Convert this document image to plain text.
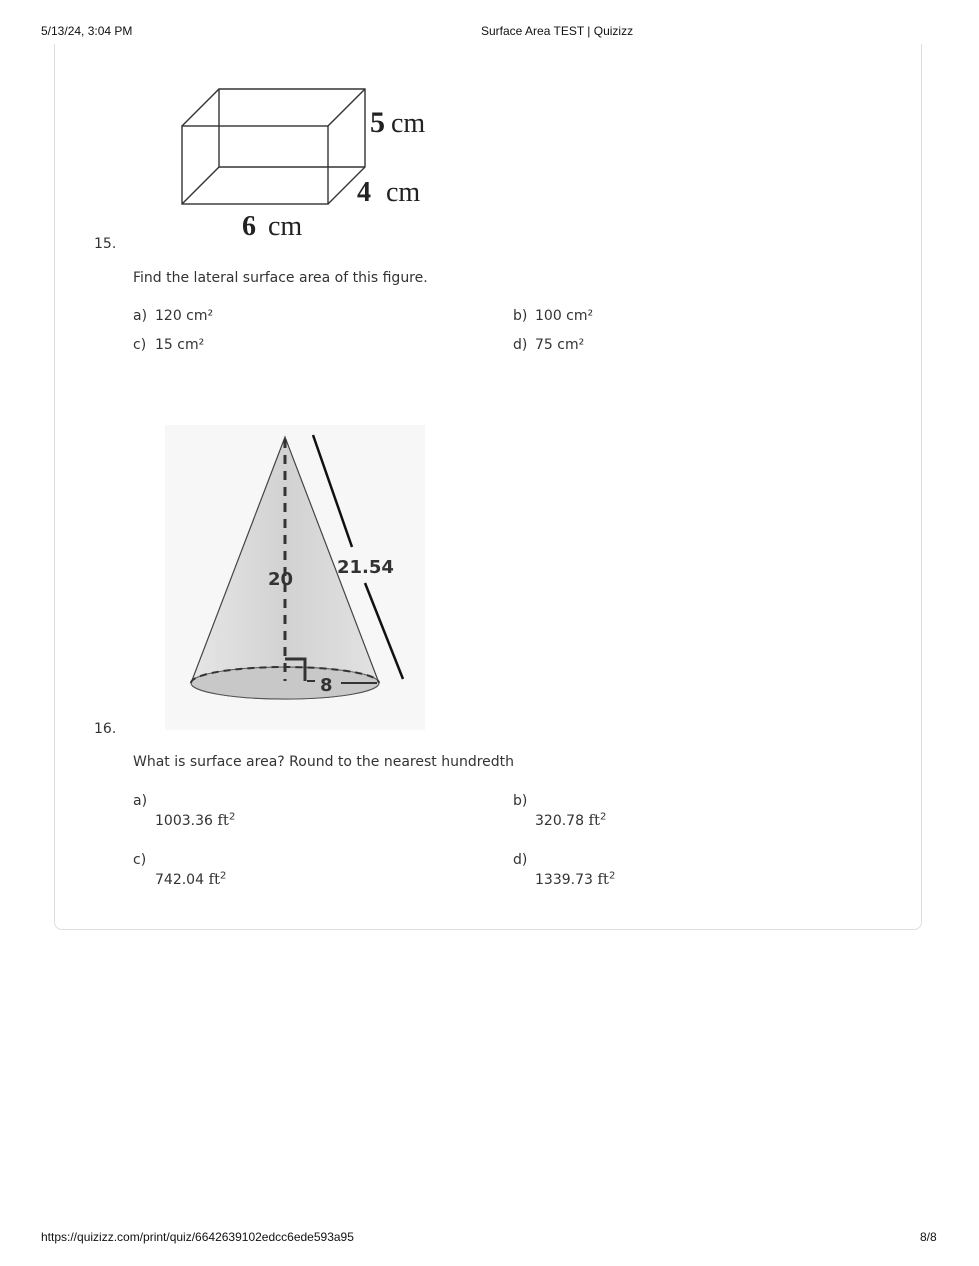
5/13/24, 3:04 PM	Surface Area TEST | Quizizz
5 cm
4 cm
6 cm
15.
Find the lateral surface area of this figure.
a) 120 cm²	b) 100 cm²
c) 15 cm²	d) 75 cm²
20
21.54
8
16.
What is surface area? Round to the nearest hundredth
a)
1003.36 $ft^2$
b)
320.78 $ft^2$
c)
742.04 $ft^2$
d)
1339.73 $ft^2$
https://quizizz.com/print/quiz/6642639102edcc6ede593a95	8/8
